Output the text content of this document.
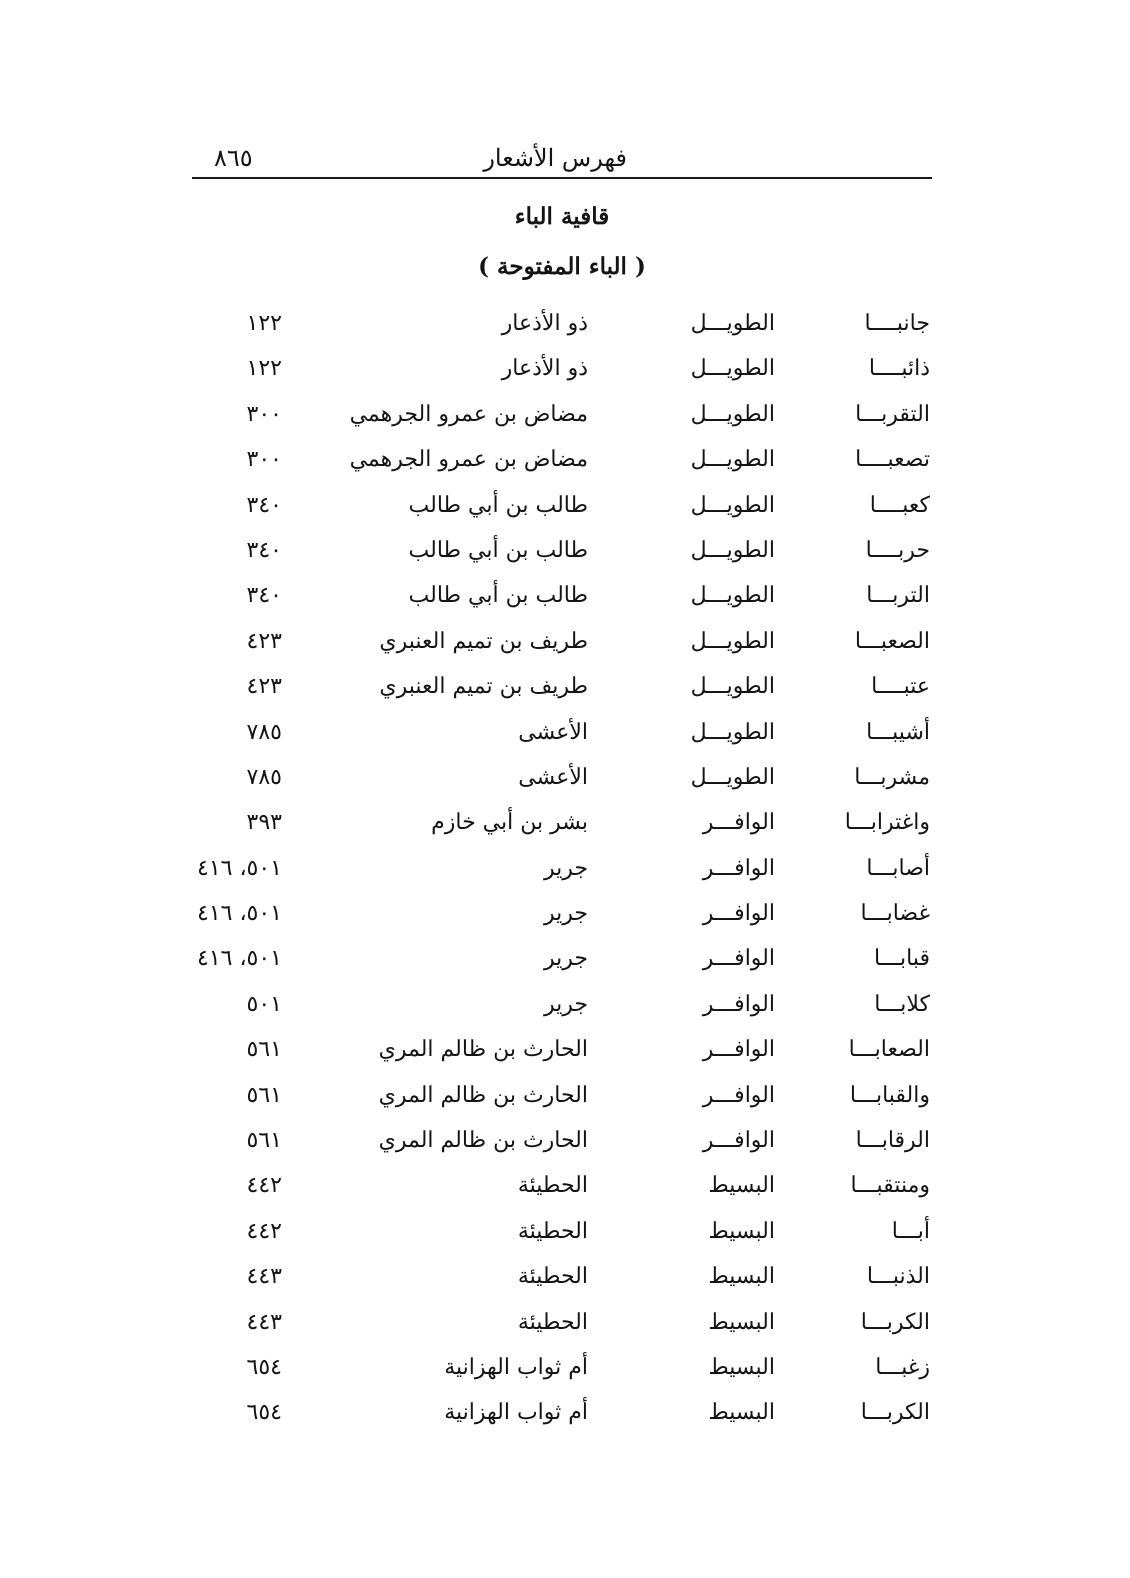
فهرس الأشعار
٨٦٥
قافية الباء
( الباء المفتوحة )
جانبــــا
الطويـــل
ذو الأذعار
١٢٢
ذائبــــا
الطويـــل
ذو الأذعار
١٢٢
التقربـــا
الطويـــل
مضاض بن عمرو الجرهمي
٣٠٠
تصعبــــا
الطويـــل
مضاض بن عمرو الجرهمي
٣٠٠
كعبــــا
الطويـــل
طالب بن أبي طالب
٣٤٠
حربــــا
الطويـــل
طالب بن أبي طالب
٣٤٠
التربـــا
الطويـــل
طالب بن أبي طالب
٣٤٠
الصعبـــا
الطويـــل
طريف بن تميم العنبري
٤٢٣
عتبــــا
الطويـــل
طريف بن تميم العنبري
٤٢٣
أشيبـــا
الطويـــل
الأعشى
٧٨٥
مشربـــا
الطويـــل
الأعشى
٧٨٥
واغترابـــا
الوافـــر
بشر بن أبي خازم
٣٩٣
أصابـــا
الوافـــر
جرير
٥٠١، ٤١٦
غضابـــا
الوافـــر
جرير
٥٠١، ٤١٦
قبابـــا
الوافـــر
جرير
٥٠١، ٤١٦
كلابـــا
الوافـــر
جرير
٥٠١
الصعابـــا
الوافـــر
الحارث بن ظالم المري
٥٦١
والقبابـــا
الوافـــر
الحارث بن ظالم المري
٥٦١
الرقابـــا
الوافـــر
الحارث بن ظالم المري
٥٦١
ومنتقبـــا
البسيط
الحطيئة
٤٤٢
أبـــا
البسيط
الحطيئة
٤٤٢
الذنبـــا
البسيط
الحطيئة
٤٤٣
الكربـــا
البسيط
الحطيئة
٤٤٣
زغبـــا
البسيط
أم ثواب الهزانية
٦٥٤
الكربـــا
البسيط
أم ثواب الهزانية
٦٥٤
